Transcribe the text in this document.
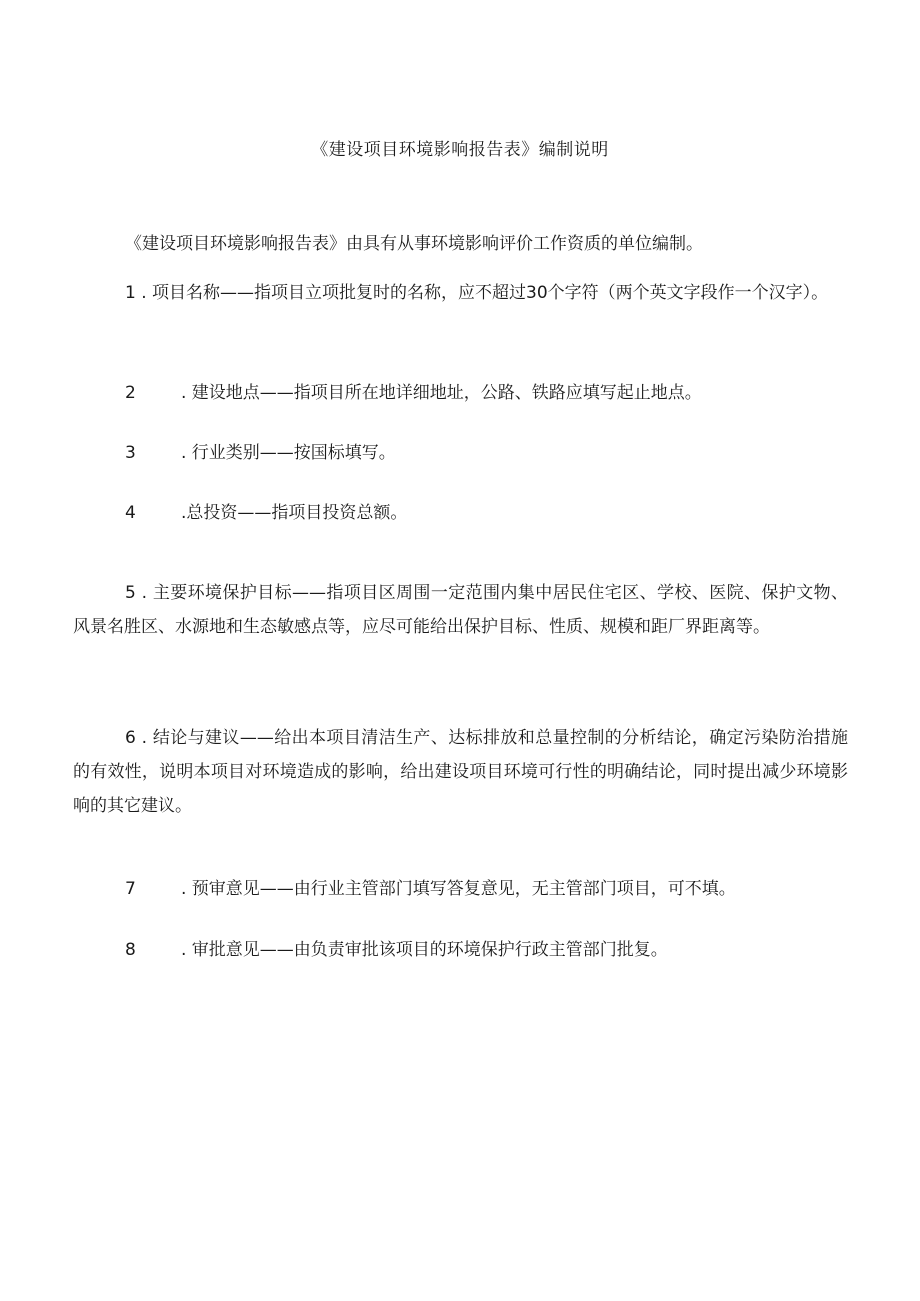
《建设项目环境影响报告表》编制说明

《建设项目环境影响报告表》由具有从事环境影响评价工作资质的单位编制。

1 . 项目名称——指项目立项批复时的名称，应不超过30个字符（两个英文字段作一个汉字）。

2	. 建设地点——指项目所在地详细地址，公路、铁路应填写起止地点。
3	. 行业类别——按国标填写。
4	.总投资——指项目投资总额。

5 . 主要环境保护目标——指项目区周围一定范围内集中居民住宅区、学校、医院、保护文物、风景名胜区、水源地和生态敏感点等，应尽可能给出保护目标、性质、规模和距厂界距离等。

6 . 结论与建议——给出本项目清洁生产、达标排放和总量控制的分析结论，确定污染防治措施的有效性，说明本项目对环境造成的影响，给出建设项目环境可行性的明确结论，同时提出减少环境影响的其它建议。

7	. 预审意见——由行业主管部门填写答复意见，无主管部门项目，可不填。
8	. 审批意见——由负责审批该项目的环境保护行政主管部门批复。
